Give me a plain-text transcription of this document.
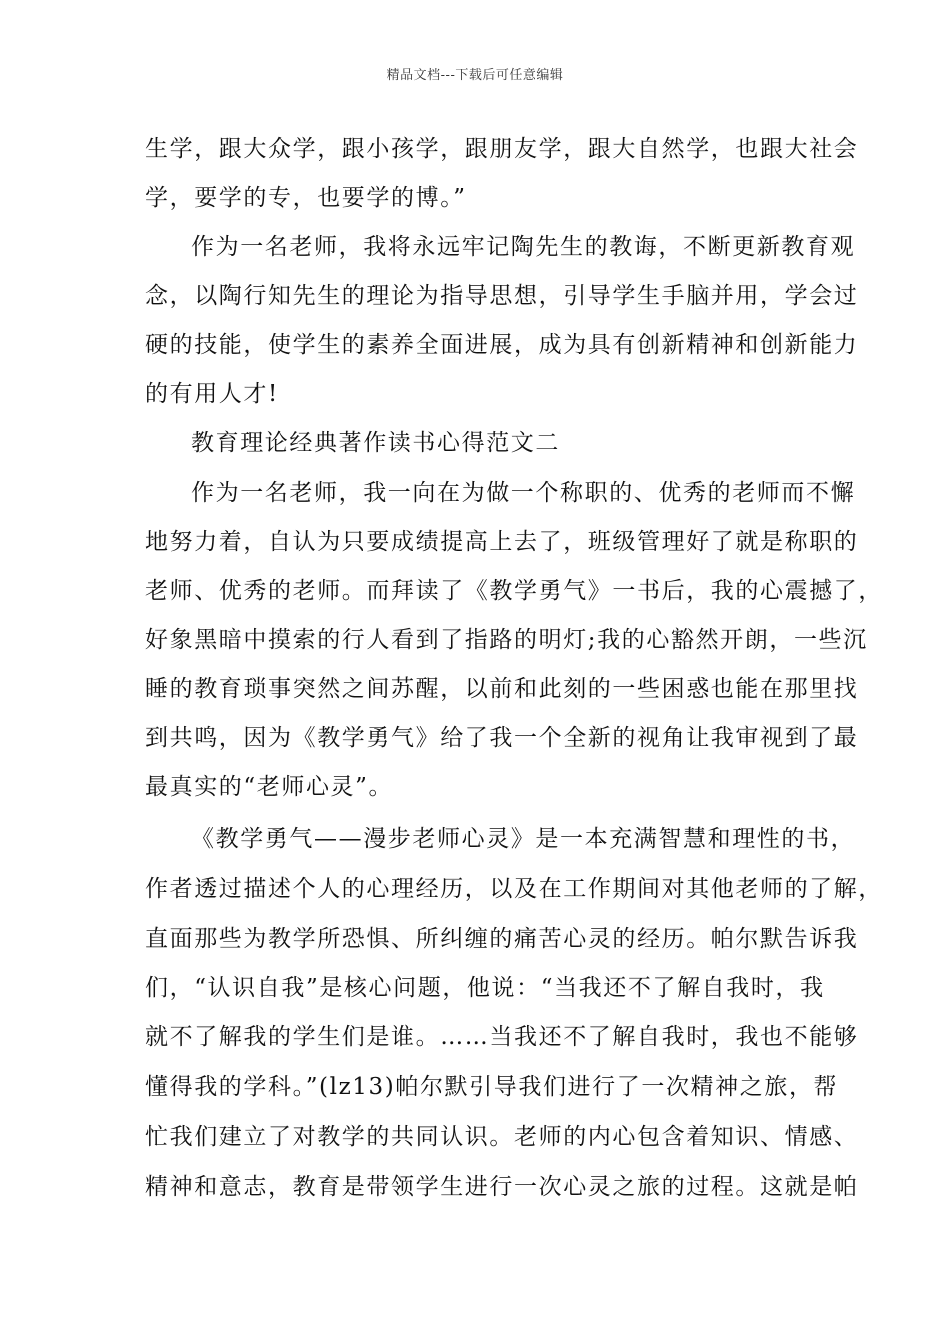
精品文档---下载后可任意编辑
生学，跟大众学，跟小孩学，跟朋友学，跟大自然学，也跟大社会
学，要学的专，也要学的博。”
作为一名老师，我将永远牢记陶先生的教诲，不断更新教育观
念，以陶行知先生的理论为指导思想，引导学生手脑并用，学会过
硬的技能，使学生的素养全面进展，成为具有创新精神和创新能力
的有用人才!
教育理论经典著作读书心得范文二
作为一名老师，我一向在为做一个称职的、优秀的老师而不懈
地努力着，自认为只要成绩提高上去了，班级管理好了就是称职的
老师、优秀的老师。而拜读了《教学勇气》一书后，我的心震撼了，
好象黑暗中摸索的行人看到了指路的明灯;我的心豁然开朗，一些沉
睡的教育琐事突然之间苏醒，以前和此刻的一些困惑也能在那里找
到共鸣，因为《教学勇气》给了我一个全新的视角让我审视到了最
最真实的“老师心灵”。
《教学勇气——漫步老师心灵》是一本充满智慧和理性的书，
作者透过描述个人的心理经历，以及在工作期间对其他老师的了解，
直面那些为教学所恐惧、所纠缠的痛苦心灵的经历。帕尔默告诉我
们，“认识自我”是核心问题，他说：“当我还不了解自我时，我
就不了解我的学生们是谁。……当我还不了解自我时，我也不能够
懂得我的学科。”(lz13)帕尔默引导我们进行了一次精神之旅，帮
忙我们建立了对教学的共同认识。老师的内心包含着知识、情感、
精神和意志，教育是带领学生进行一次心灵之旅的过程。这就是帕
